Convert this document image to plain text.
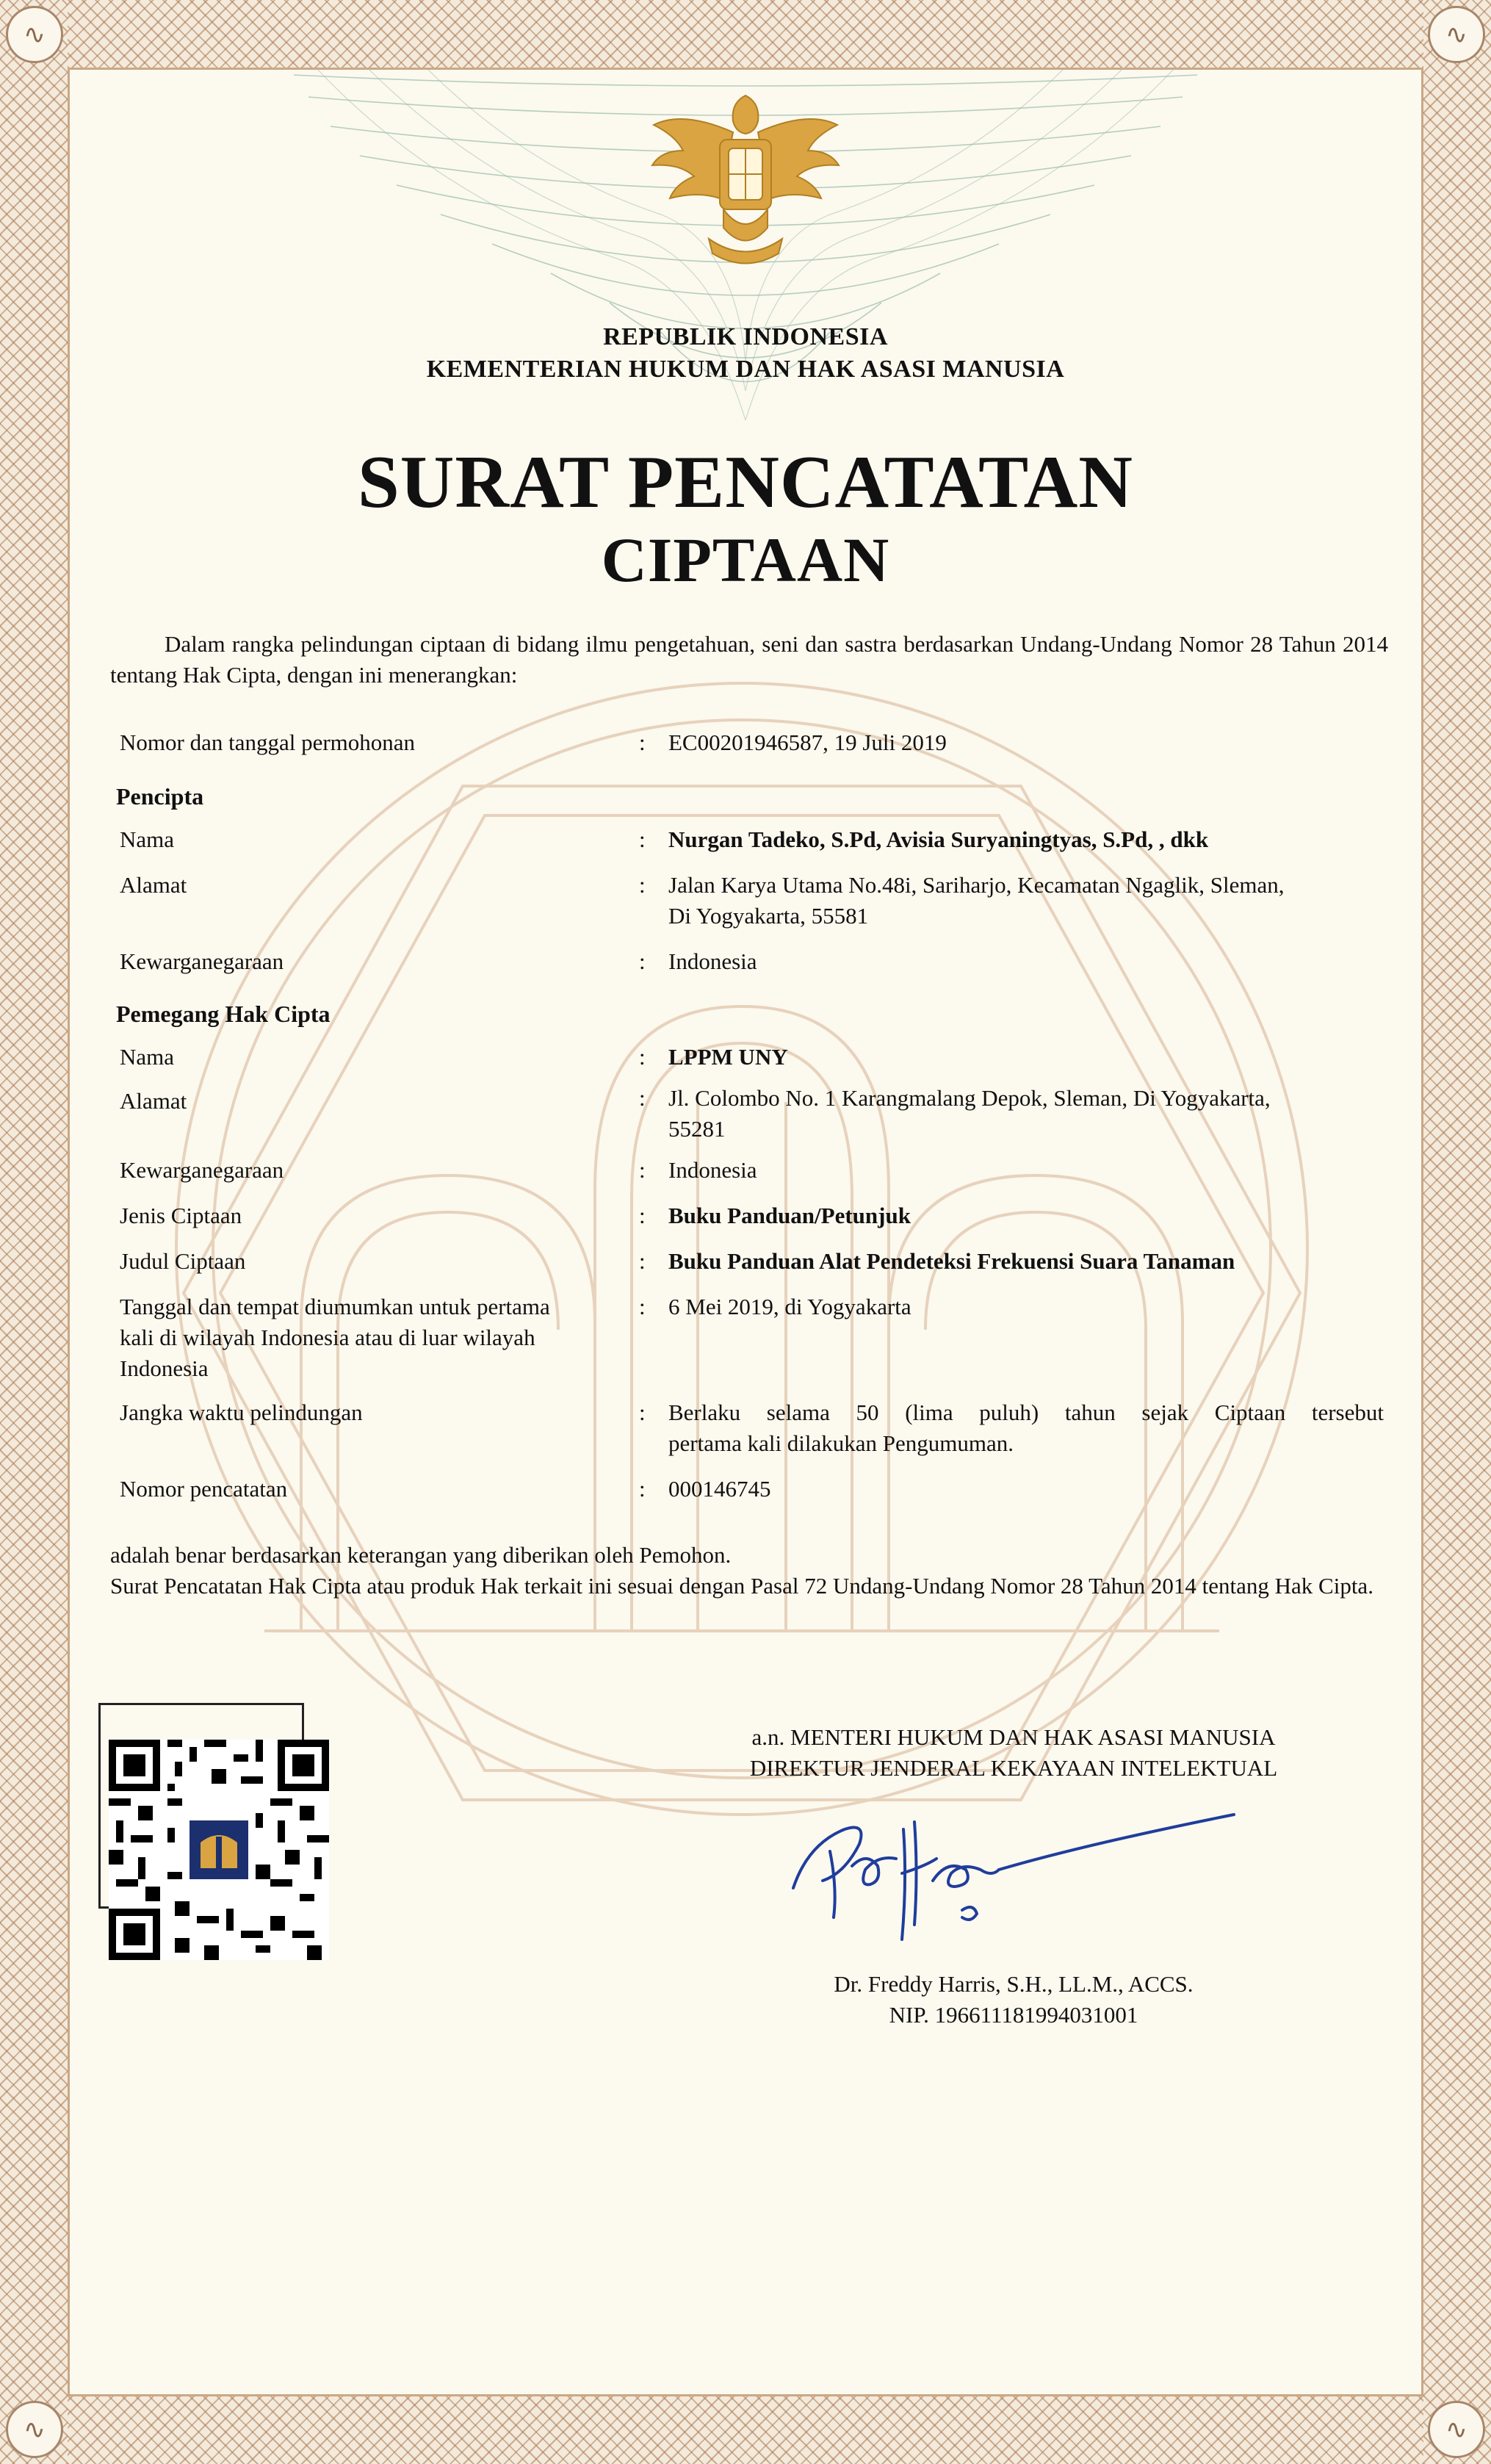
∿	∿
∿	∿
REPUBLIK INDONESIA
KEMENTERIAN HUKUM DAN HAK ASASI MANUSIA
SURAT PENCATATAN
CIPTAAN
Dalam rangka pelindungan ciptaan di bidang ilmu pengetahuan, seni dan sastra berdasarkan Undang-Undang Nomor 28 Tahun 2014 tentang Hak Cipta, dengan ini menerangkan:
Nomor dan tanggal permohonan	: EC00201946587, 19 Juli 2019
Pencipta
Nama	: Nurgan Tadeko, S.Pd, Avisia Suryaningtyas, S.Pd, , dkk
Alamat	: Jalan Karya Utama No.48i, Sariharjo, Kecamatan Ngaglik, Sleman,
Di Yogyakarta, 55581
Kewarganegaraan	: Indonesia
Pemegang Hak Cipta
Nama	: LPPM UNY
Alamat	: Jl. Colombo No. 1 Karangmalang Depok, Sleman, Di Yogyakarta,
55281
Kewarganegaraan	: Indonesia
Jenis Ciptaan	: Buku Panduan/Petunjuk
Judul Ciptaan	: Buku Panduan Alat Pendeteksi Frekuensi Suara Tanaman
Tanggal dan tempat diumumkan untuk pertama
kali di wilayah Indonesia atau di luar wilayah
Indonesia
: 6 Mei 2019, di Yogyakarta
Jangka waktu pelindungan	: Berlaku selama 50 (lima puluh) tahun sejak Ciptaan tersebut
pertama kali dilakukan Pengumuman.
Nomor pencatatan	: 000146745
adalah benar berdasarkan keterangan yang diberikan oleh Pemohon.
Surat Pencatatan Hak Cipta atau produk Hak terkait ini sesuai dengan Pasal 72 Undang-Undang Nomor 28 Tahun 2014 tentang Hak Cipta.
a.n. MENTERI HUKUM DAN HAK ASASI MANUSIA
DIREKTUR JENDERAL KEKAYAAN INTELEKTUAL
Dr. Freddy Harris, S.H., LL.M., ACCS.
NIP. 196611181994031001
